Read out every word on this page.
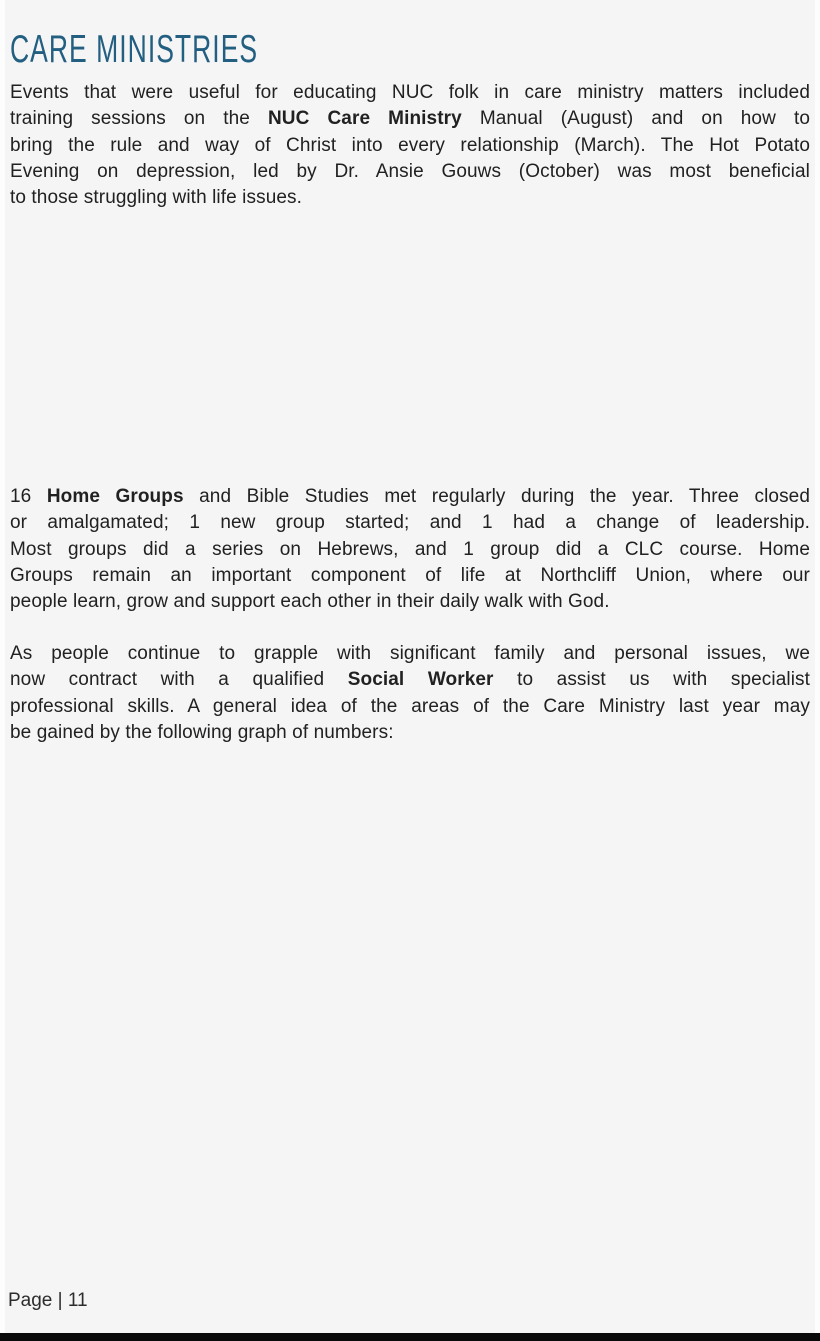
CARE MINISTRIES
Events that were useful for educating NUC folk in care ministry matters included
training sessions on the NUC Care Ministry Manual (August) and on how to
bring the rule and way of Christ into every relationship (March). The Hot Potato
Evening on depression, led by Dr. Ansie Gouws (October) was most beneficial
to those struggling with life issues.
16 Home Groups and Bible Studies met regularly during the year. Three closed
or amalgamated; 1 new group started; and 1 had a change of leadership.
Most groups did a series on Hebrews, and 1 group did a CLC course. Home
Groups remain an important component of life at Northcliff Union, where our
people learn, grow and support each other in their daily walk with God.
As people continue to grapple with significant family and personal issues, we
now contract with a qualified Social Worker to assist us with specialist
professional skills. A general idea of the areas of the Care Ministry last year may
be gained by the following graph of numbers:
Page | 11
